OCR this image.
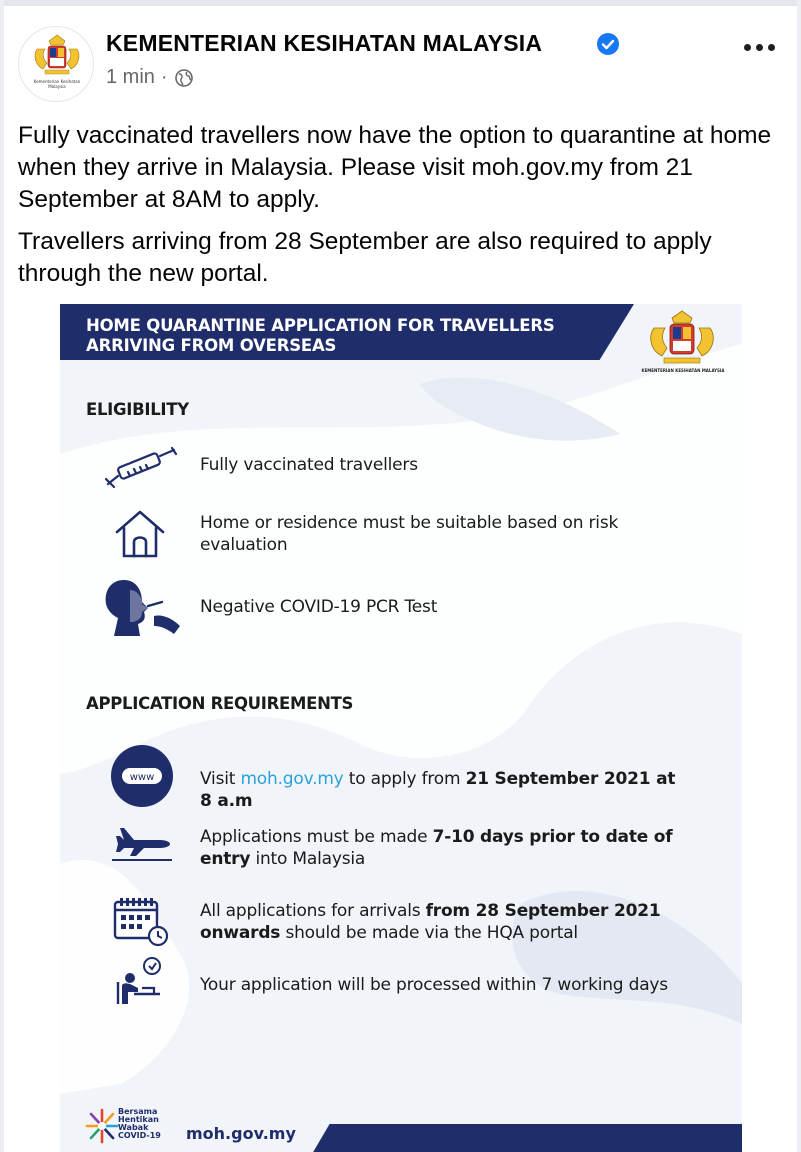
Kementerian Kesihatan Malaysia
KEMENTERIAN KESIHATAN MALAYSIA
1 min ·

Fully vaccinated travellers now have the option to quarantine at home when they arrive in Malaysia. Please visit moh.gov.my from 21 September at 8AM to apply.

Travellers arriving from 28 September are also required to apply through the new portal.

HOME QUARANTINE APPLICATION FOR TRAVELLERS ARRIVING FROM OVERSEAS
KEMENTERIAN KESIHATAN MALAYSIA
ELIGIBILITY
Fully vaccinated travellers
Home or residence must be suitable based on risk evaluation
Negative COVID-19 PCR Test
APPLICATION REQUIREMENTS
www	Visit moh.gov.my to apply from 21 September 2021 at 8 a.m
Applications must be made 7-10 days prior to date of entry into Malaysia
All applications for arrivals from 28 September 2021 onwards should be made via the HQA portal
Your application will be processed within 7 working days
Bersama
Hentikan
Wabak
COVID-19 moh.gov.my
